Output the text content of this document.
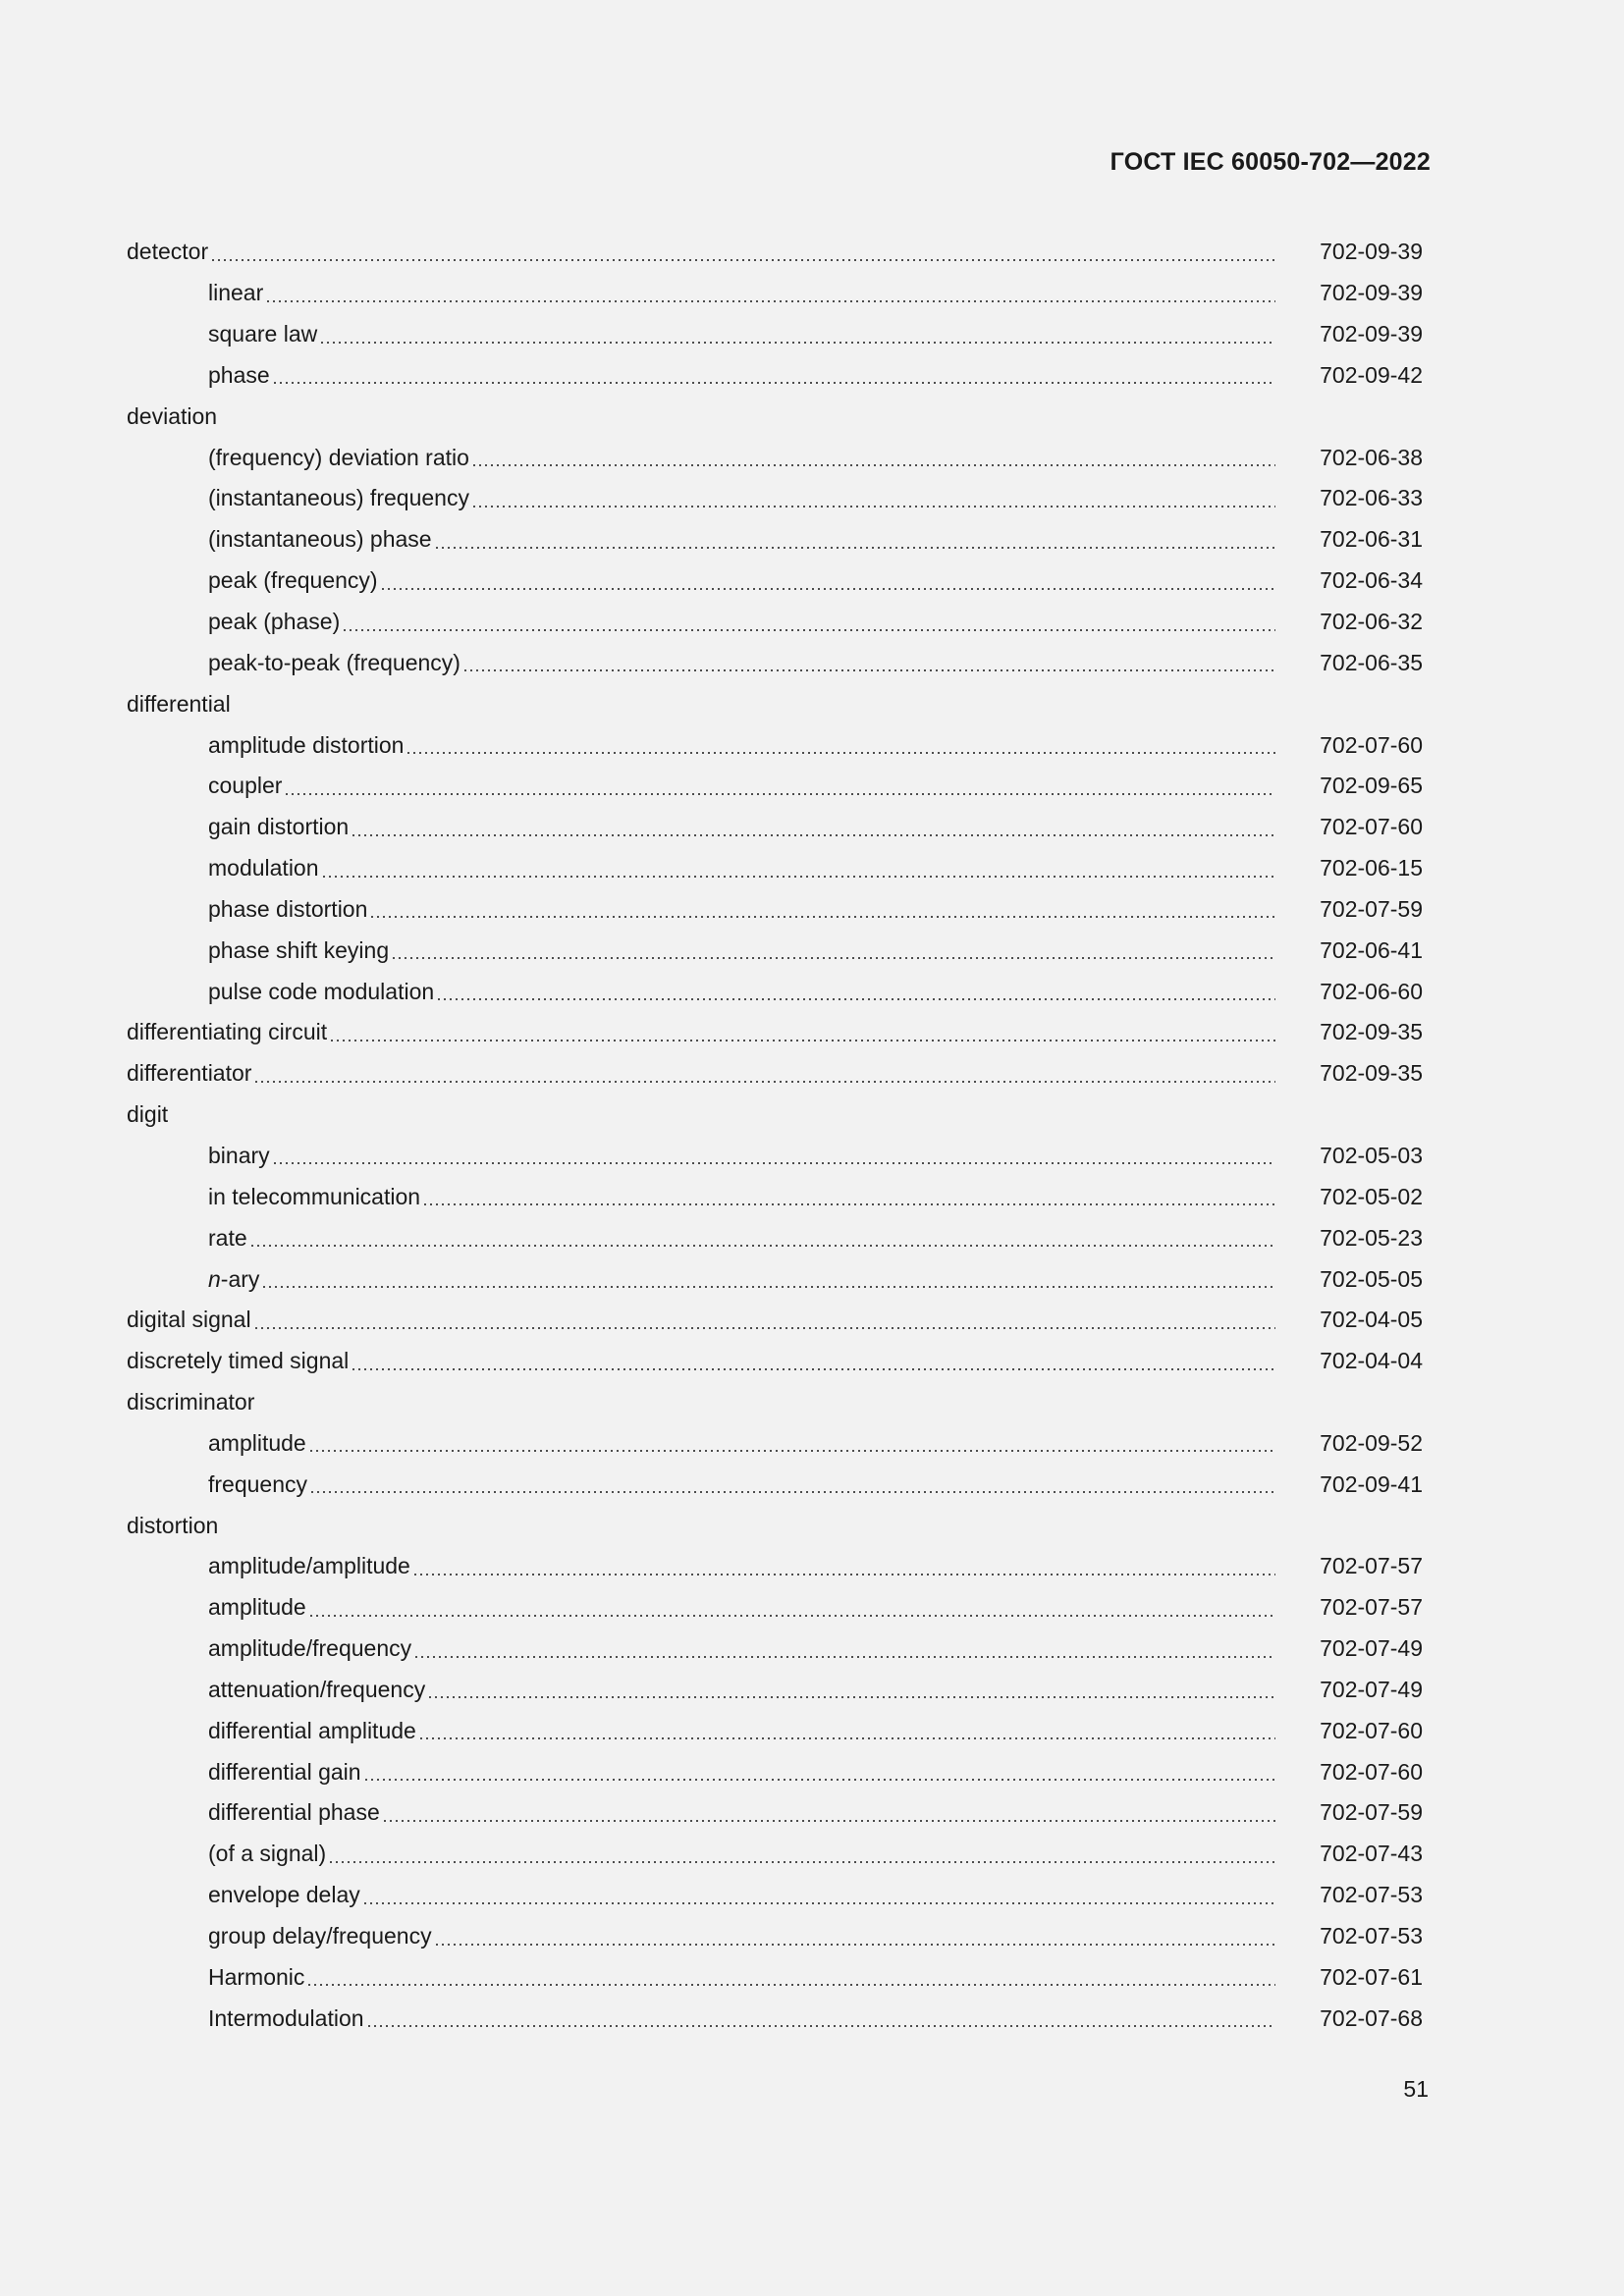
ГОСТ IEC 60050-702—2022
detector	702-09-39
linear	702-09-39
square law	702-09-39
phase	702-09-42
deviation
(frequency) deviation ratio	702-06-38
(instantaneous) frequency	702-06-33
(instantaneous) phase	702-06-31
peak (frequency)	702-06-34
peak (phase)	702-06-32
peak-to-peak (frequency)	702-06-35
differential
amplitude distortion	702-07-60
coupler	702-09-65
gain distortion	702-07-60
modulation	702-06-15
phase distortion	702-07-59
phase shift keying	702-06-41
pulse code modulation	702-06-60
differentiating circuit	702-09-35
differentiator	702-09-35
digit
binary	702-05-03
in telecommunication	702-05-02
rate	702-05-23
n-ary	702-05-05
digital signal	702-04-05
discretely timed signal	702-04-04
discriminator
amplitude	702-09-52
frequency	702-09-41
distortion
amplitude/amplitude	702-07-57
amplitude	702-07-57
amplitude/frequency	702-07-49
attenuation/frequency	702-07-49
differential amplitude	702-07-60
differential gain	702-07-60
differential phase	702-07-59
(of a signal)	702-07-43
envelope delay	702-07-53
group delay/frequency	702-07-53
Harmonic	702-07-61
Intermodulation	702-07-68
51
